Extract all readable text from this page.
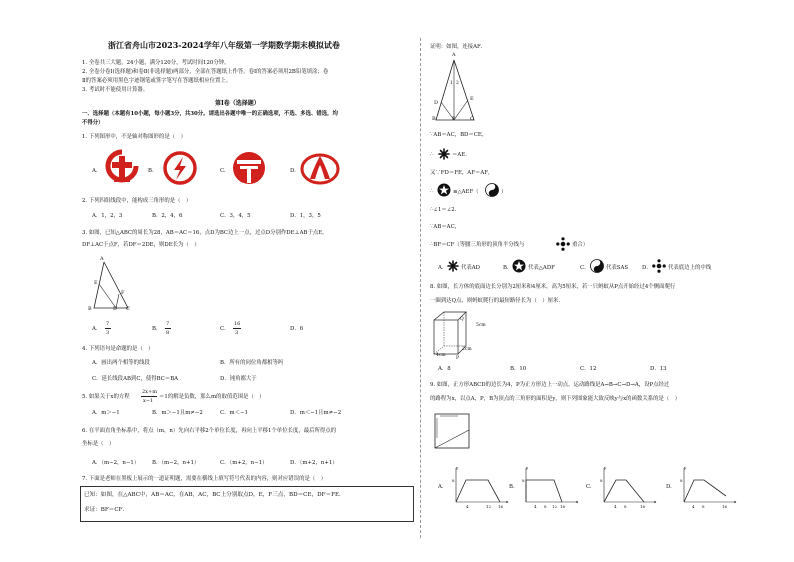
浙江省舟山市2023-2024学年八年级第一学期数学期末模拟试卷
1. 全卷共三大题，24小题，满分120分，考试时间120分钟。
2. 全卷分卷Ⅰ(选择题)和卷Ⅱ(非选择题)两部分，全部在答题纸上作答。卷Ⅰ的答案必须用2B铅笔填涂；卷
Ⅱ的答案必须用黑色字迹钢笔或签字笔写在答题纸相应位置上。
3. 考试时不能使用计算器。
第Ⅰ卷（选择题）
一、选择题（本题有10小题，每小题3分，共30分。请选出各题中唯一的正确选项，不选、多选、错选，均
不得分）
1. 下列图形中，不是轴对称图形的是（　）
A.	B.	C.	D.
2. 下列四组线段中，能构成三角形的是（　）
A．1，2，3	B．2，4，6	C．3，4，5	D．1，3，5
3. 如图，已知△ABC的周长为28，AB＝AC＝16，点D为BC边上一点，过点D分别作DE⊥AB于点E，
DF⊥AC于点F，若DF＝2DE，则DE长为（　）
A
B	D C
E
F
A．
7
3
B．
7
8
C．
16
3
D．6
4. 下列语句是命题的是（　）
A．画出两个相等的线段	B．所有的同位角都相等吗
C．延长线段AB到C，使得BC＝BA	D．钝角都大于
5. 如果关于x的方程
2x+m
x−1
＝1的解是负数，那么m的取值范围是（　）
A．m＞−1	B．m＞−1且m≠−2	C．m＜−1	D．m＜−1且m≠−2
6. 在平面直角坐标系中，将点（m，n）先向右平移2个单位长度，再向上平移1个单位长度，最后所得点的
坐标是（　）
A．（m−2，n−1） B．（m−2，n+1）	C．（m+2，n−1）	D．（m+2，n+1）
7. 下面是老师在黑板上展示的一道证明题，需要在横线上填写符号代表的内容，则对应错误的是（　）
已知：如图，在△ABC中，AB＝AC，在AB，AC，BC上分别取点D，E，F三点，BD＝CE，DF＝FE．
求证：BF＝CF．
证明：如图，连接AF．
A
1 2
D
E
B	F	C
∵AB＝AC，BD＝CE，
∴	＝AE．
又∵FD＝FE，AF＝AF，
∴	≌△AEF（	）
∴∠1＝∠2．
∵AB＝AC，
∴BF＝CF（等腰三角形的顶角平分线与	重合）
A．	代表AD	B．	代表△ADF	C．	代表SAS	D．	代表底边上的中线
8. 如图，长方体的底面边长分别为2厘米和4厘米，高为5厘米，若一只蚂蚁从P点开始经过4个侧面爬行
一圈到达Q点，则蚂蚁爬行的最短路径长为（　）厘米．
5cm
4cm
2cm
P
Q
A．8	B．10	C．12	D．13
9. 如图，正方形ABCD的边长为4，P为正方形边上一动点，运动路线是A→B→C→D→A，设P点经过
的路程为x，以点A，P，B为顶点的三角形的面积是y，则下列图象能大致反映y与x的函数关系的是（　）
A.	B.	C.	D.
y
8
4	12 16
x
y
8
4 8 12 16
x
y
8
4 8	16
x
y
8
4 8	16
x
